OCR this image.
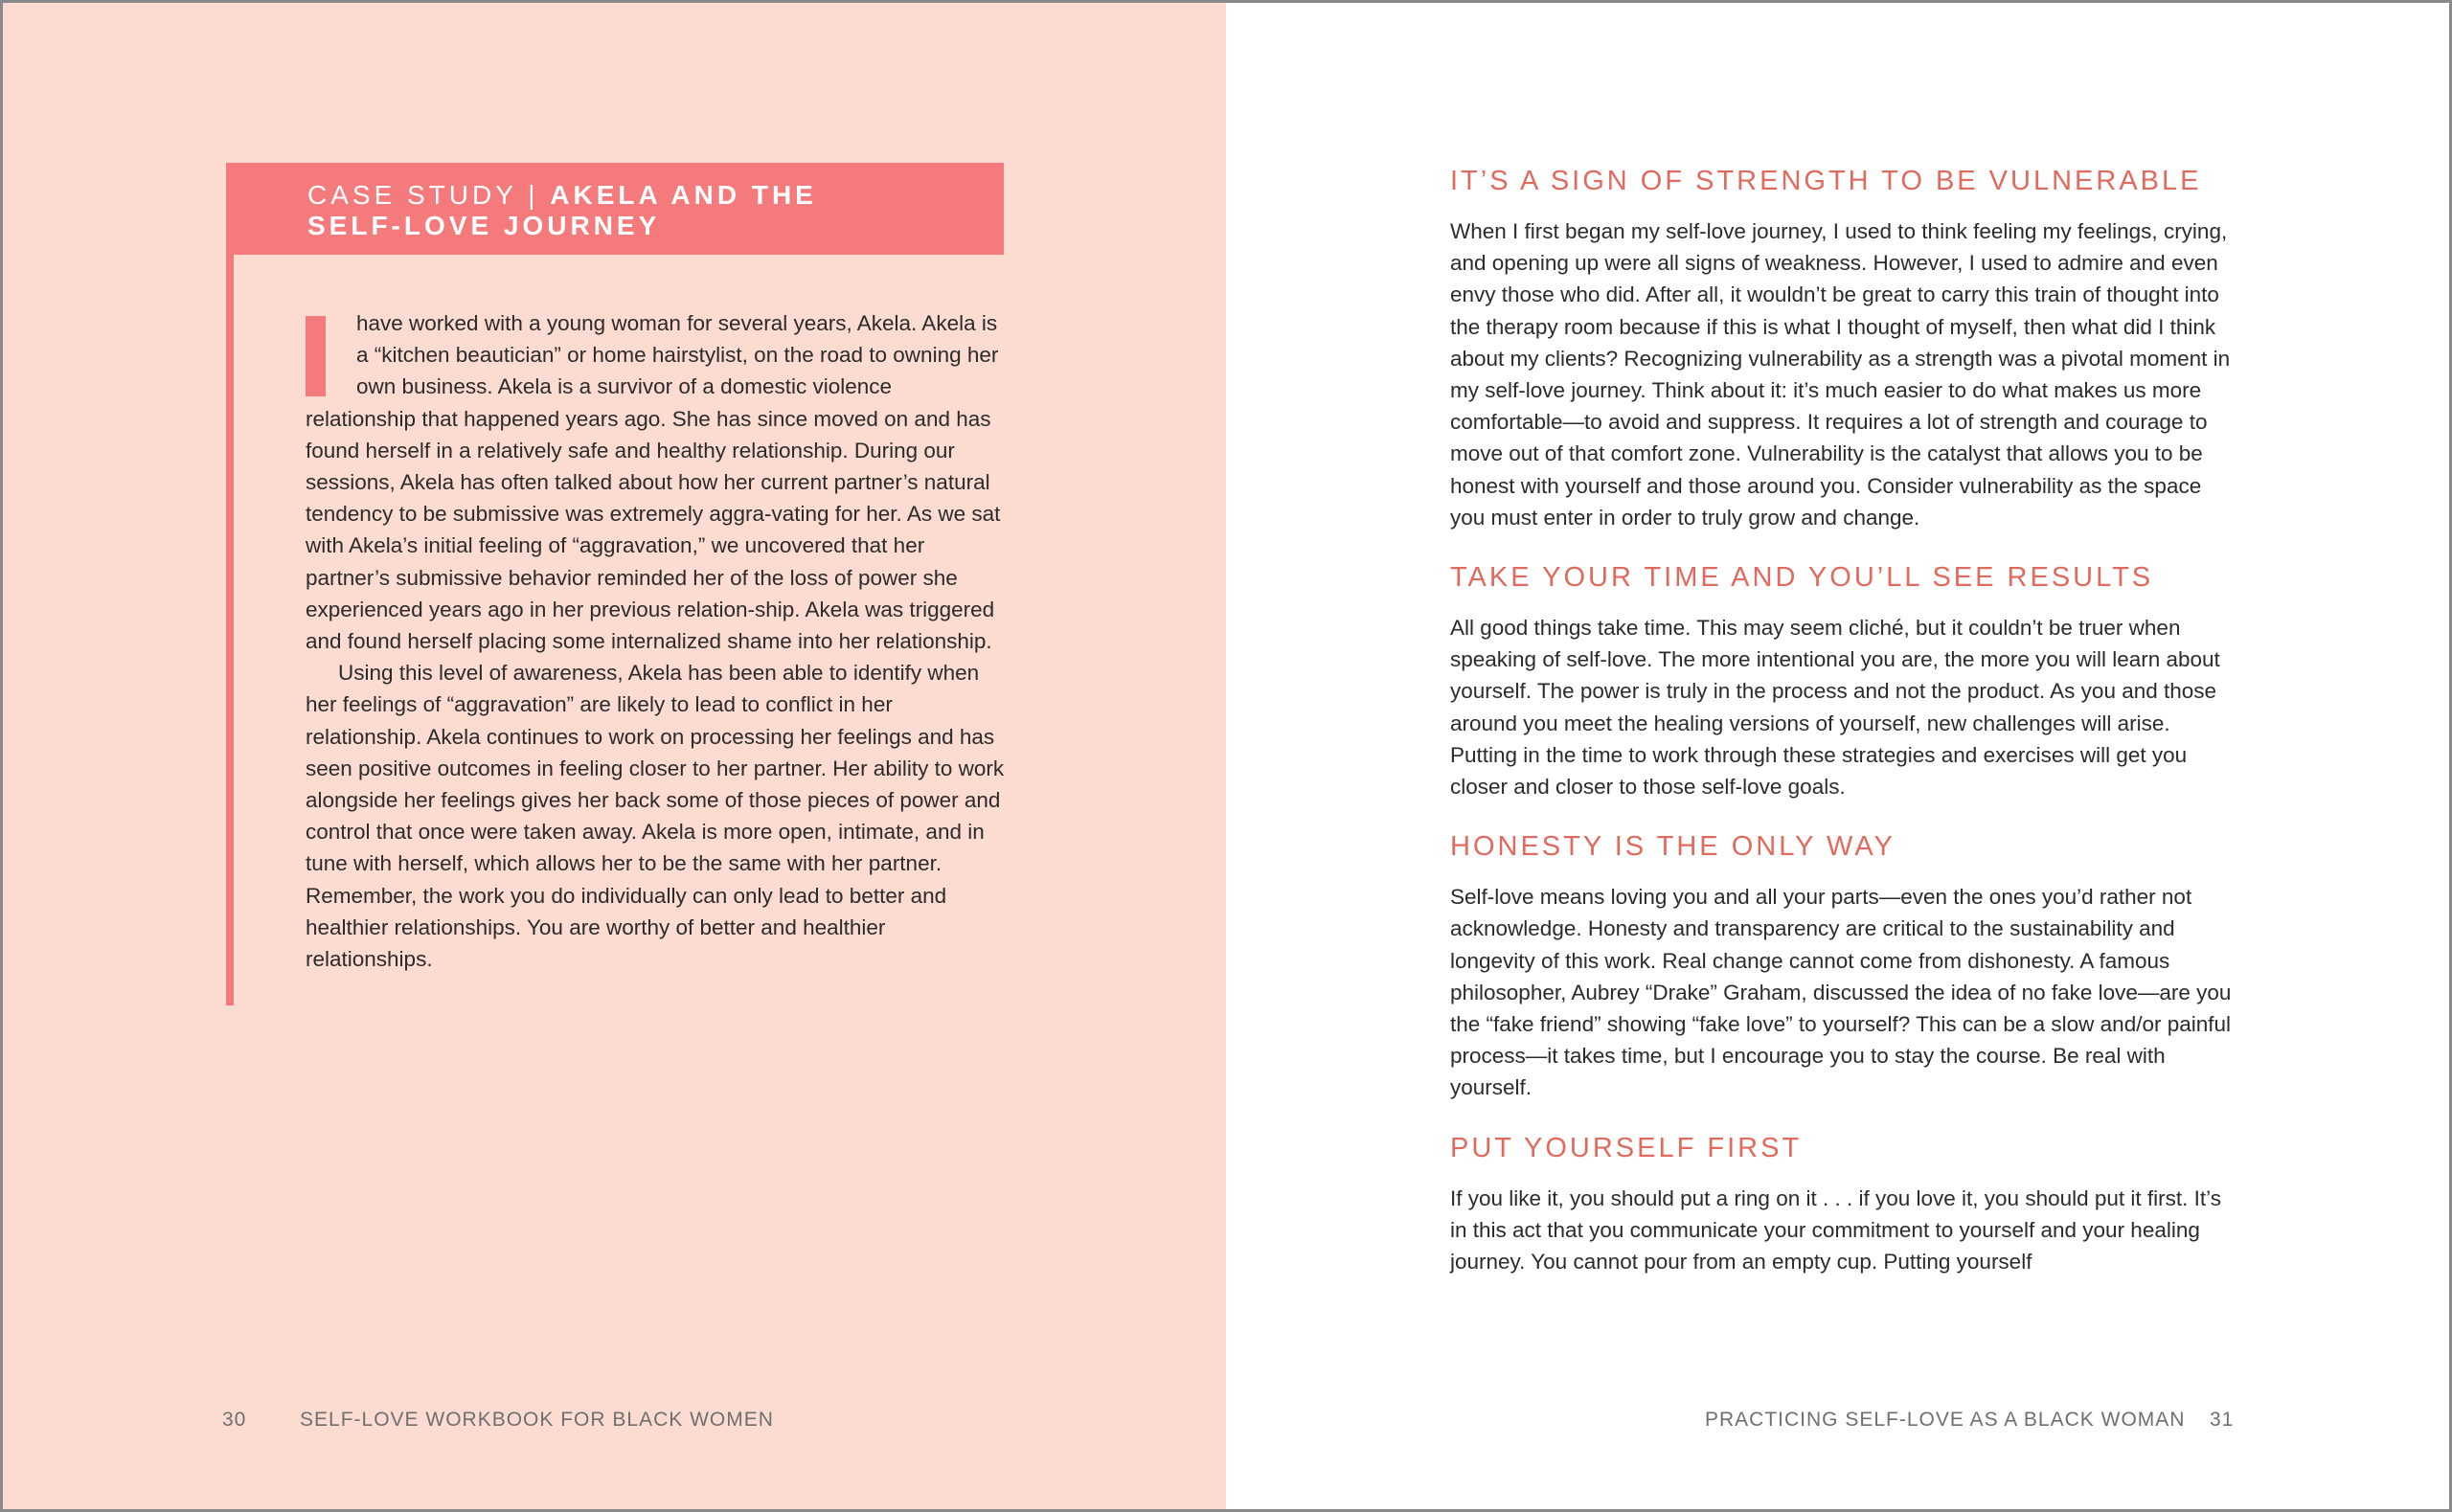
CASE STUDY | AKELA AND THE
SELF-LOVE JOURNEY

have worked with a young woman for several years, Akela. Akela is a “kitchen beautician” or home hairstylist, on the road to owning her own business. Akela is a survivor of a domestic violence relationship that happened years ago. She has since moved on and has found herself in a relatively safe and healthy relationship. During our sessions, Akela has often talked about how her current partner’s natural tendency to be submissive was extremely aggra-vating for her. As we sat with Akela’s initial feeling of “aggravation,” we uncovered that her partner’s submissive behavior reminded her of the loss of power she experienced years ago in her previous relation-ship. Akela was triggered and found herself placing some internalized shame into her relationship.

Using this level of awareness, Akela has been able to identify when her feelings of “aggravation” are likely to lead to conflict in her relationship. Akela continues to work on processing her feelings and has seen positive outcomes in feeling closer to her partner. Her ability to work alongside her feelings gives her back some of those pieces of power and control that once were taken away. Akela is more open, intimate, and in tune with herself, which allows her to be the same with her partner. Remember, the work you do individually can only lead to better and healthier relationships. You are worthy of better and healthier relationships.

30	SELF-LOVE WORKBOOK FOR BLACK WOMEN
IT’S A SIGN OF STRENGTH TO BE VULNERABLE

When I first began my self-love journey, I used to think feeling my feelings, crying, and opening up were all signs of weakness. However, I used to admire and even envy those who did. After all, it wouldn’t be great to carry this train of thought into the therapy room because if this is what I thought of myself, then what did I think about my clients? Recognizing vulnerability as a strength was a pivotal moment in my self-love journey. Think about it: it’s much easier to do what makes us more comfortable—to avoid and suppress. It requires a lot of strength and courage to move out of that comfort zone. Vulnerability is the catalyst that allows you to be honest with yourself and those around you. Consider vulnerability as the space you must enter in order to truly grow and change.

TAKE YOUR TIME AND YOU’LL SEE RESULTS

All good things take time. This may seem cliché, but it couldn’t be truer when speaking of self-love. The more intentional you are, the more you will learn about yourself. The power is truly in the process and not the product. As you and those around you meet the healing versions of yourself, new challenges will arise. Putting in the time to work through these strategies and exercises will get you closer and closer to those self-love goals.

HONESTY IS THE ONLY WAY

Self-love means loving you and all your parts—even the ones you’d rather not acknowledge. Honesty and transparency are critical to the sustainability and longevity of this work. Real change cannot come from dishonesty. A famous philosopher, Aubrey “Drake” Graham, discussed the idea of no fake love—are you the “fake friend” showing “fake love” to yourself? This can be a slow and/or painful process—it takes time, but I encourage you to stay the course. Be real with yourself.

PUT YOURSELF FIRST

If you like it, you should put a ring on it . . . if you love it, you should put it first. It’s in this act that you communicate your commitment to yourself and your healing journey. You cannot pour from an empty cup. Putting yourself

PRACTICING SELF-LOVE AS A BLACK WOMAN 31
